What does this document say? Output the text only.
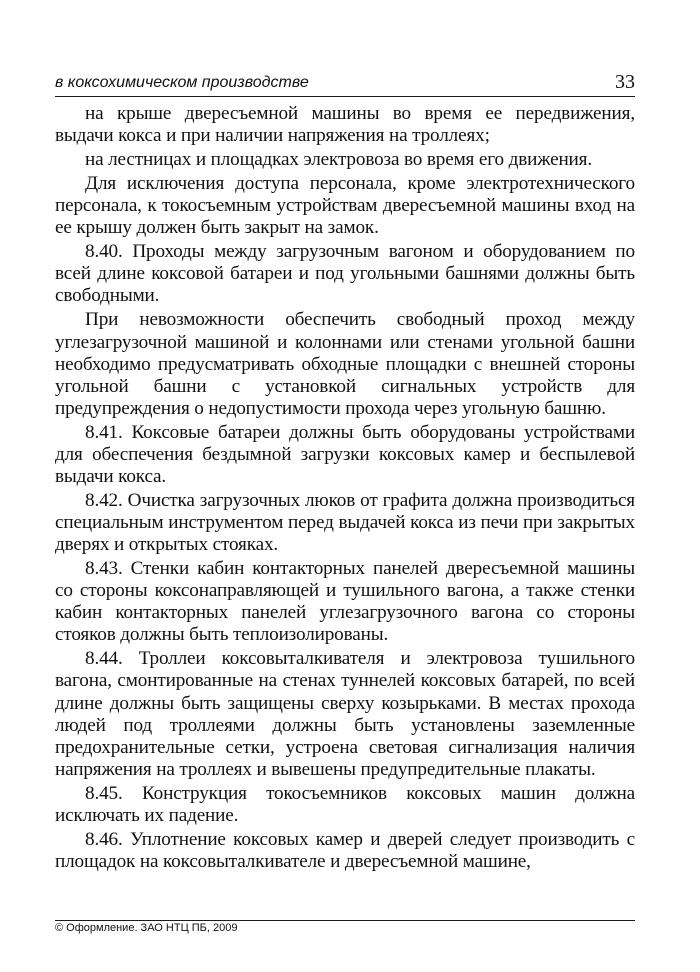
в коксохимическом производстве	33

на крыше двересъемной машины во время ее передвижения, выдачи кокса и при наличии напряжения на троллеях;

на лестницах и площадках электровоза во время его движения.

Для исключения доступа персонала, кроме электротехнического персонала, к токосъемным устройствам двересъемной машины вход на ее крышу должен быть закрыт на замок.

8.40. Проходы между загрузочным вагоном и оборудованием по всей длине коксовой батареи и под угольными башнями должны быть свободными.

При невозможности обеспечить свободный проход между углезагрузочной машиной и колоннами или стенами угольной башни необходимо предусматривать обходные площадки с внешней стороны угольной башни с установкой сигнальных устройств для предупреждения о недопустимости прохода через угольную башню.

8.41. Коксовые батареи должны быть оборудованы устройствами для обеспечения бездымной загрузки коксовых камер и беспылевой выдачи кокса.

8.42. Очистка загрузочных люков от графита должна производиться специальным инструментом перед выдачей кокса из печи при закрытых дверях и открытых стояках.

8.43. Стенки кабин контакторных панелей двересъемной машины со стороны коксонаправляющей и тушильного вагона, а также стенки кабин контакторных панелей углезагрузочного вагона со стороны стояков должны быть теплоизолированы.

8.44. Троллеи коксовыталкивателя и электровоза тушильного вагона, смонтированные на стенах туннелей коксовых батарей, по всей длине должны быть защищены сверху козырьками. В местах прохода людей под троллеями должны быть установлены заземленные предохранительные сетки, устроена световая сигнализация наличия напряжения на троллеях и вывешены предупредительные плакаты.

8.45. Конструкция токосъемников коксовых машин должна исключать их падение.

8.46. Уплотнение коксовых камер и дверей следует производить с площадок на коксовыталкивателе и двересъемной машине,

© Оформление. ЗАО НТЦ ПБ, 2009
